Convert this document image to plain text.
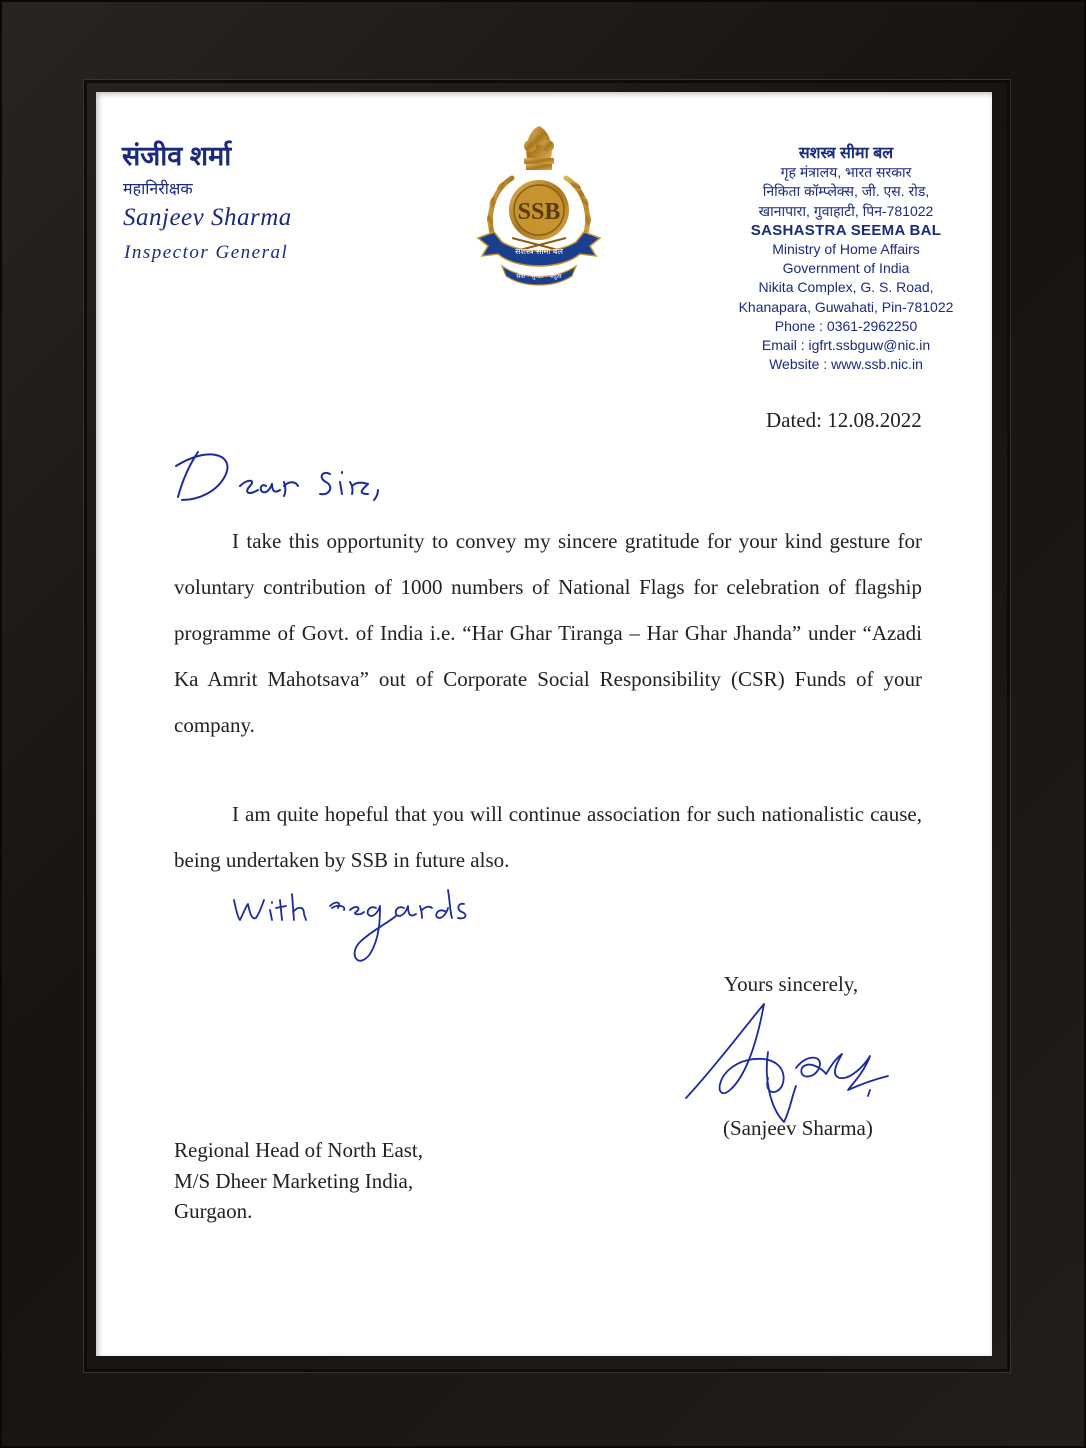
संजीव शर्मा
महानिरीक्षक
Sanjeev Sharma
Inspector General
SSB
सशस्त्र सीमा बल
सेवा - सुरक्षा - बंधुत्व
सशस्त्र सीमा बल
गृह मंत्रालय, भारत सरकार
निकिता कॉम्प्लेक्स, जी. एस. रोड,
खानापारा, गुवाहाटी, पिन-781022
SASHASTRA SEEMA BAL
Ministry of Home Affairs
Government of India
Nikita Complex, G. S. Road,
Khanapara, Guwahati, Pin-781022
Phone : 0361-2962250
Email : igfrt.ssbguw@nic.in
Website : www.ssb.nic.in
Dated: 12.08.2022
Dear Sir,
I take this opportunity to convey my sincere gratitude for your kind gesture for voluntary contribution of 1000 numbers of National Flags for celebration of flagship programme of Govt. of India i.e. “Har Ghar Tiranga – Har Ghar Jhanda” under “Azadi Ka Amrit Mahotsava” out of Corporate Social Responsibility (CSR) Funds of your company.
I am quite hopeful that you will continue association for such nationalistic cause, being undertaken by SSB in future also.
With regards
Yours sincerely,
(Sanjeev Sharma)
Regional Head of North East,
M/S Dheer Marketing India,
Gurgaon.
